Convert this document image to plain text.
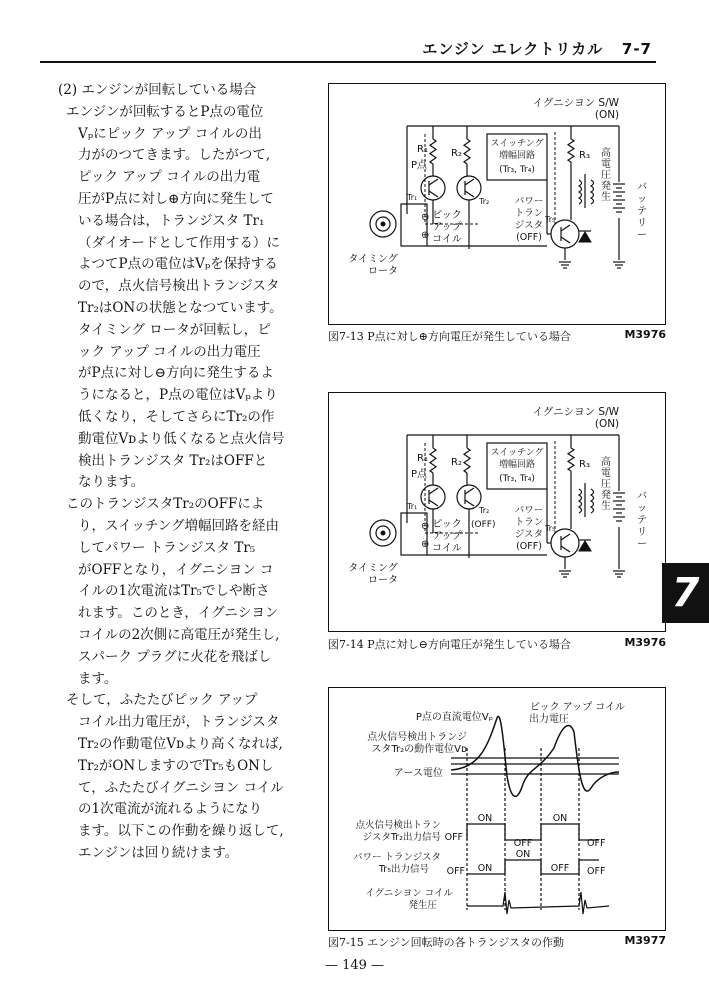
エンジン エレクトリカル 7-7
(2) エンジンが回転している場合
エンジンが回転するとP点の電位
Vₚにピック アップ コイルの出
力がのつてきます。したがつて,
ピック アップ コイルの出力電
圧がP点に対し⊕方向に発生して
いる場合は，トランジスタ Tr₁
（ダイオードとして作用する）に
よつてP点の電位はVₚを保持する
ので，点火信号検出トランジスタ
Tr₂はONの状態となつています。
タイミング ロータが回転し，ピ
ック アップ コイルの出力電圧
がP点に対し⊖方向に発生するよ
うになると，P点の電位はVₚより
低くなり，そしてさらにTr₂の作
動電位Vᴅより低くなると点火信号
検出トランジスタ Tr₂はOFFと
なります。
このトランジスタTr₂のOFFによ
り，スイッチング増幅回路を経由
してパワー トランジスタ Tr₅
がOFFとなり，イグニシヨン コ
イルの1次電流はTr₅でしや断さ
れます。このとき，イグニシヨン
コイルの2次側に高電圧が発生し,
スパーク プラグに火花を飛ばし
ます。
そして，ふたたびピック アップ
コイル出力電圧が，トランジスタ
Tr₂の作動電位Vᴅより高くなれば,
Tr₂がONしますのでTr₅もONし
て，ふたたびイグニシヨン コイル
の1次電流が流れるようになり
ます。以下この作動を繰り返して,
エンジンは回り続けます。
イグニシヨン S/W
(ON)
スイッチング
増幅回路
(Tr₃, Tr₄)
R₁ R₂	R₃
P点
Tr₁	Tr₂
Tr₅
パワー
トラン
ジスタ
(OFF)
高
電
圧
発
生
バ
ッ
テ
リ
ー
⊖
⊕
ピック
アップ
コイル
タイミング
ロータ
図7-13 P点に対し⊕方向電圧が発生している場合	M3976
イグニシヨン S/W
(ON)
スイッチング
増幅回路
(Tr₃, Tr₄)
R₁ R₂	R₃
P点
Tr₁	Tr₂
Tr₅
(OFF)
パワー
トラン
ジスタ
(OFF)
高
電
圧
発
生
バ
ッ
テ
リ
ー
⊖
⊕
ピック
アップ
コイル
タイミング
ロータ
図7-14 P点に対し⊖方向電圧が発生している場合	M3976
ピック アップ コイル
出力電圧
P点の直流電位Vₚ
点火信号検出トランジ
スタTr₂の動作電位Vᴅ
アース電位
点火信号検出トラン
ジスタTr₂出力信号 OFF
ON
OFF
ON
OFF
パワー トランジスタ
Tr₅出力信号 OFF ON
ON
OFF OFF
イグニシヨン コイル
発生圧
図7-15 エンジン回転時の各トランジスタの作動	M3977
7
— 149 —
